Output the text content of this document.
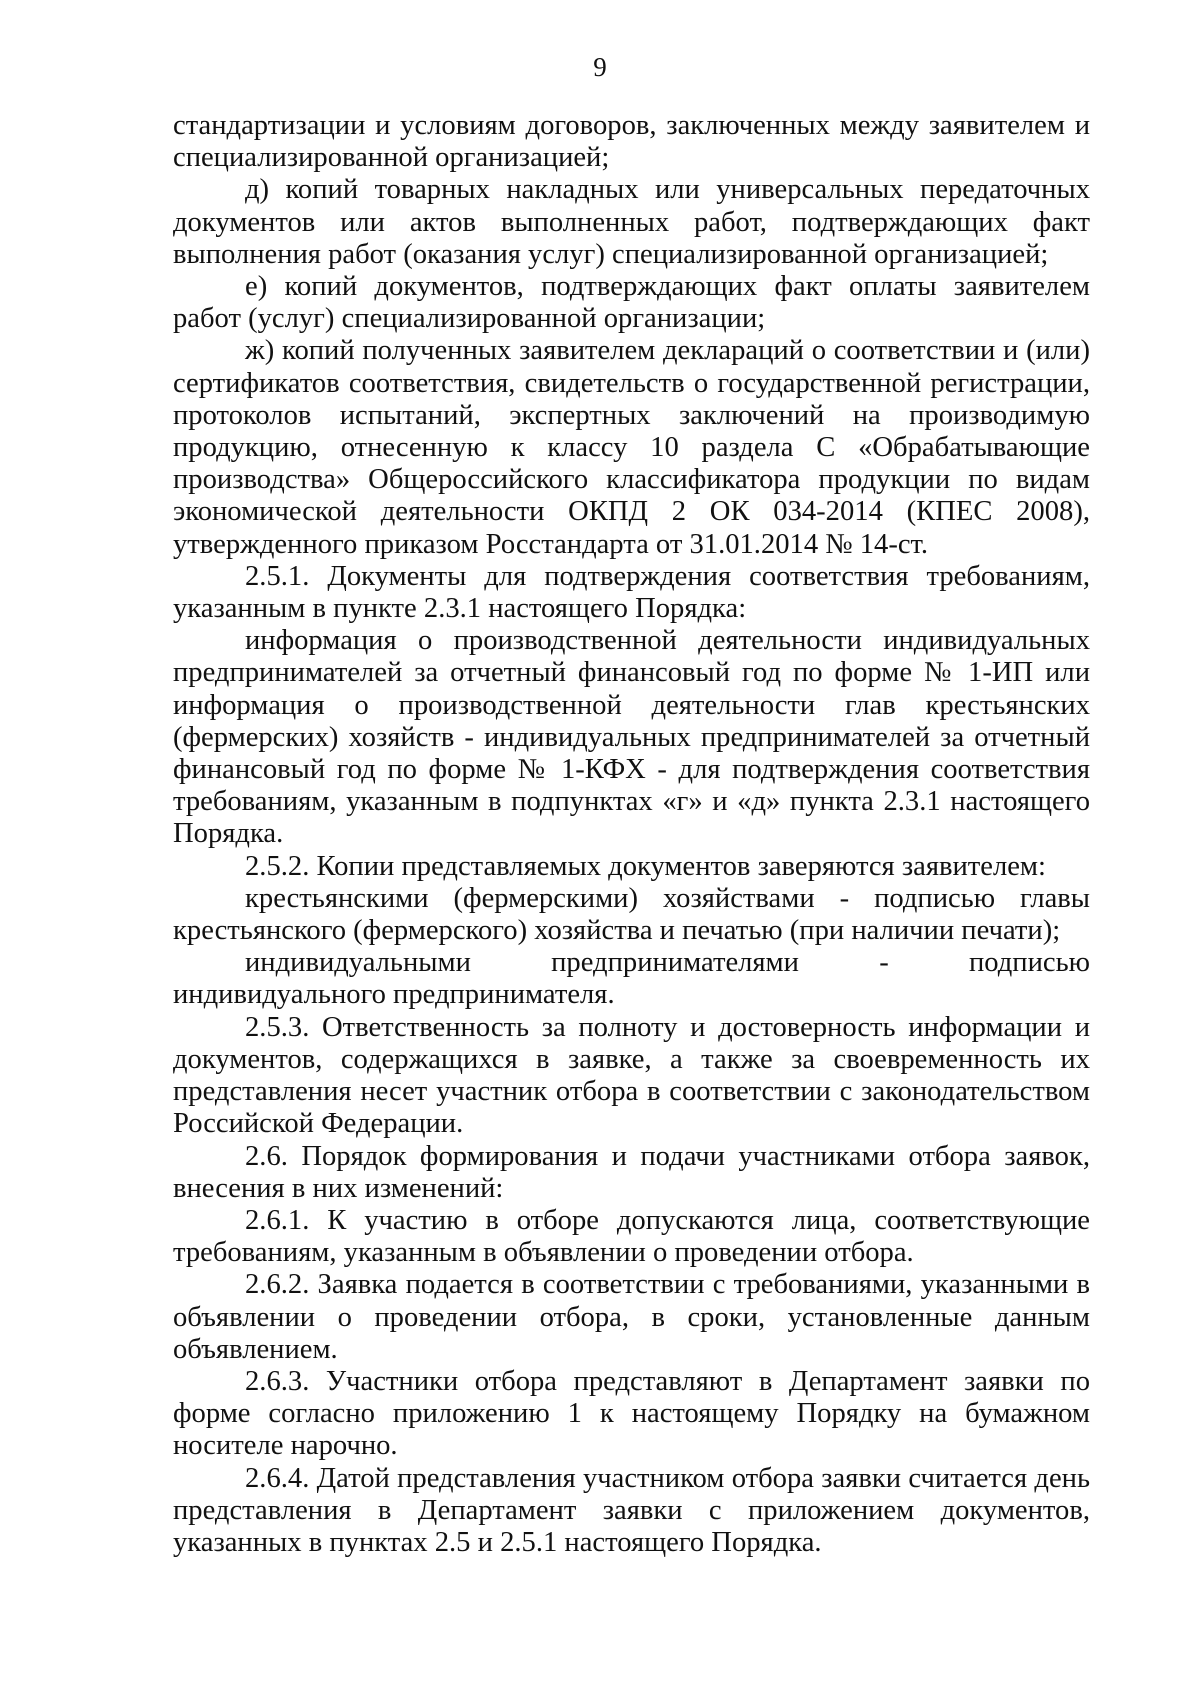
9

стандартизации и условиям договоров, заключенных между заявителем и специализированной организацией;

д) копий товарных накладных или универсальных передаточных документов или актов выполненных работ, подтверждающих факт выполнения работ (оказания услуг) специализированной организацией;

е) копий документов, подтверждающих факт оплаты заявителем работ (услуг) специализированной организации;

ж) копий полученных заявителем деклараций о соответствии и (или) сертификатов соответствия, свидетельств о государственной регистрации, протоколов испытаний, экспертных заключений на производимую продукцию, отнесенную к классу 10 раздела С «Обрабатывающие производства» Общероссийского классификатора продукции по видам экономической деятельности ОКПД 2 ОК 034-2014 (КПЕС 2008), утвержденного приказом Росстандарта от 31.01.2014 № 14-ст.

2.5.1. Документы для подтверждения соответствия требованиям, указанным в пункте 2.3.1 настоящего Порядка:

информация о производственной деятельности индивидуальных предпринимателей за отчетный финансовый год по форме № 1-ИП или информация о производственной деятельности глав крестьянских (фермерских) хозяйств - индивидуальных предпринимателей за отчетный финансовый год по форме № 1-КФХ - для подтверждения соответствия требованиям, указанным в подпунктах «г» и «д» пункта 2.3.1 настоящего Порядка.

2.5.2. Копии представляемых документов заверяются заявителем:

крестьянскими (фермерскими) хозяйствами - подписью главы крестьянского (фермерского) хозяйства и печатью (при наличии печати);

индивидуальными предпринимателями - подписью индивидуального предпринимателя.

2.5.3. Ответственность за полноту и достоверность информации и документов, содержащихся в заявке, а также за своевременность их представления несет участник отбора в соответствии с законодательством Российской Федерации.

2.6. Порядок формирования и подачи участниками отбора заявок, внесения в них изменений:

2.6.1. К участию в отборе допускаются лица, соответствующие требованиям, указанным в объявлении о проведении отбора.

2.6.2. Заявка подается в соответствии с требованиями, указанными в объявлении о проведении отбора, в сроки, установленные данным объявлением.

2.6.3. Участники отбора представляют в Департамент заявки по форме согласно приложению 1 к настоящему Порядку на бумажном носителе нарочно.

2.6.4. Датой представления участником отбора заявки считается день представления в Департамент заявки с приложением документов, указанных в пунктах 2.5 и 2.5.1 настоящего Порядка.
